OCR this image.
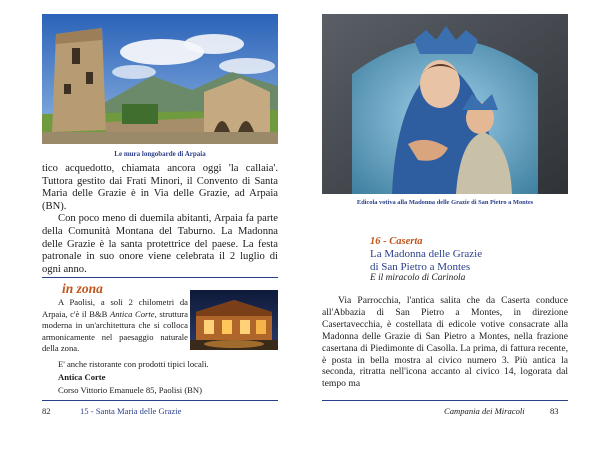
Le mura longobarde di Arpaia

tico acquedotto, chiamata ancora oggi 'la callaia'. Tuttora gestito dai Frati Minori, il Convento di Santa Maria delle Grazie è in Via delle Grazie, ad Arpaia (BN).

Con poco meno di duemila abitanti, Arpaia fa parte della Comunità Montana del Taburno. La Madonna delle Grazie è la santa protettrice del paese. La festa patronale in suo onore viene celebrata il 2 luglio di ogni anno.

in zona

A Paolisi, a soli 2 chilometri da Arpaia, c'è il B&B Antica Corte, struttura moderna in un'architettura che si colloca armonicamente nel paesaggio naturale della zona.

E' anche ristorante con prodotti tipici locali.
Antica Corte
Corso Vittorio Emanuele 85, Paolisi (BN)
82	15 - Santa Maria delle Grazie
Edicola votiva alla Madonna delle Grazie di San Pietro a Montes
16 - Caserta
La Madonna delle Grazie
di San Pietro a Montes
E il miracolo di Carinola

Via Parrocchia, l'antica salita che da Caserta conduce all'Abbazia di San Pietro a Montes, in direzione Casertavecchia, è costellata di edicole votive consacrate alla Madonna delle Grazie di San Pietro a Montes, nella frazione casertana di Piedimonte di Casolla. La prima, di fattura recente, è posta in bella mostra al civico numero 3. Più antica la seconda, ritratta nell'icona accanto al civico 14, logorata dal tempo ma

Campania dei Miracoli	83
